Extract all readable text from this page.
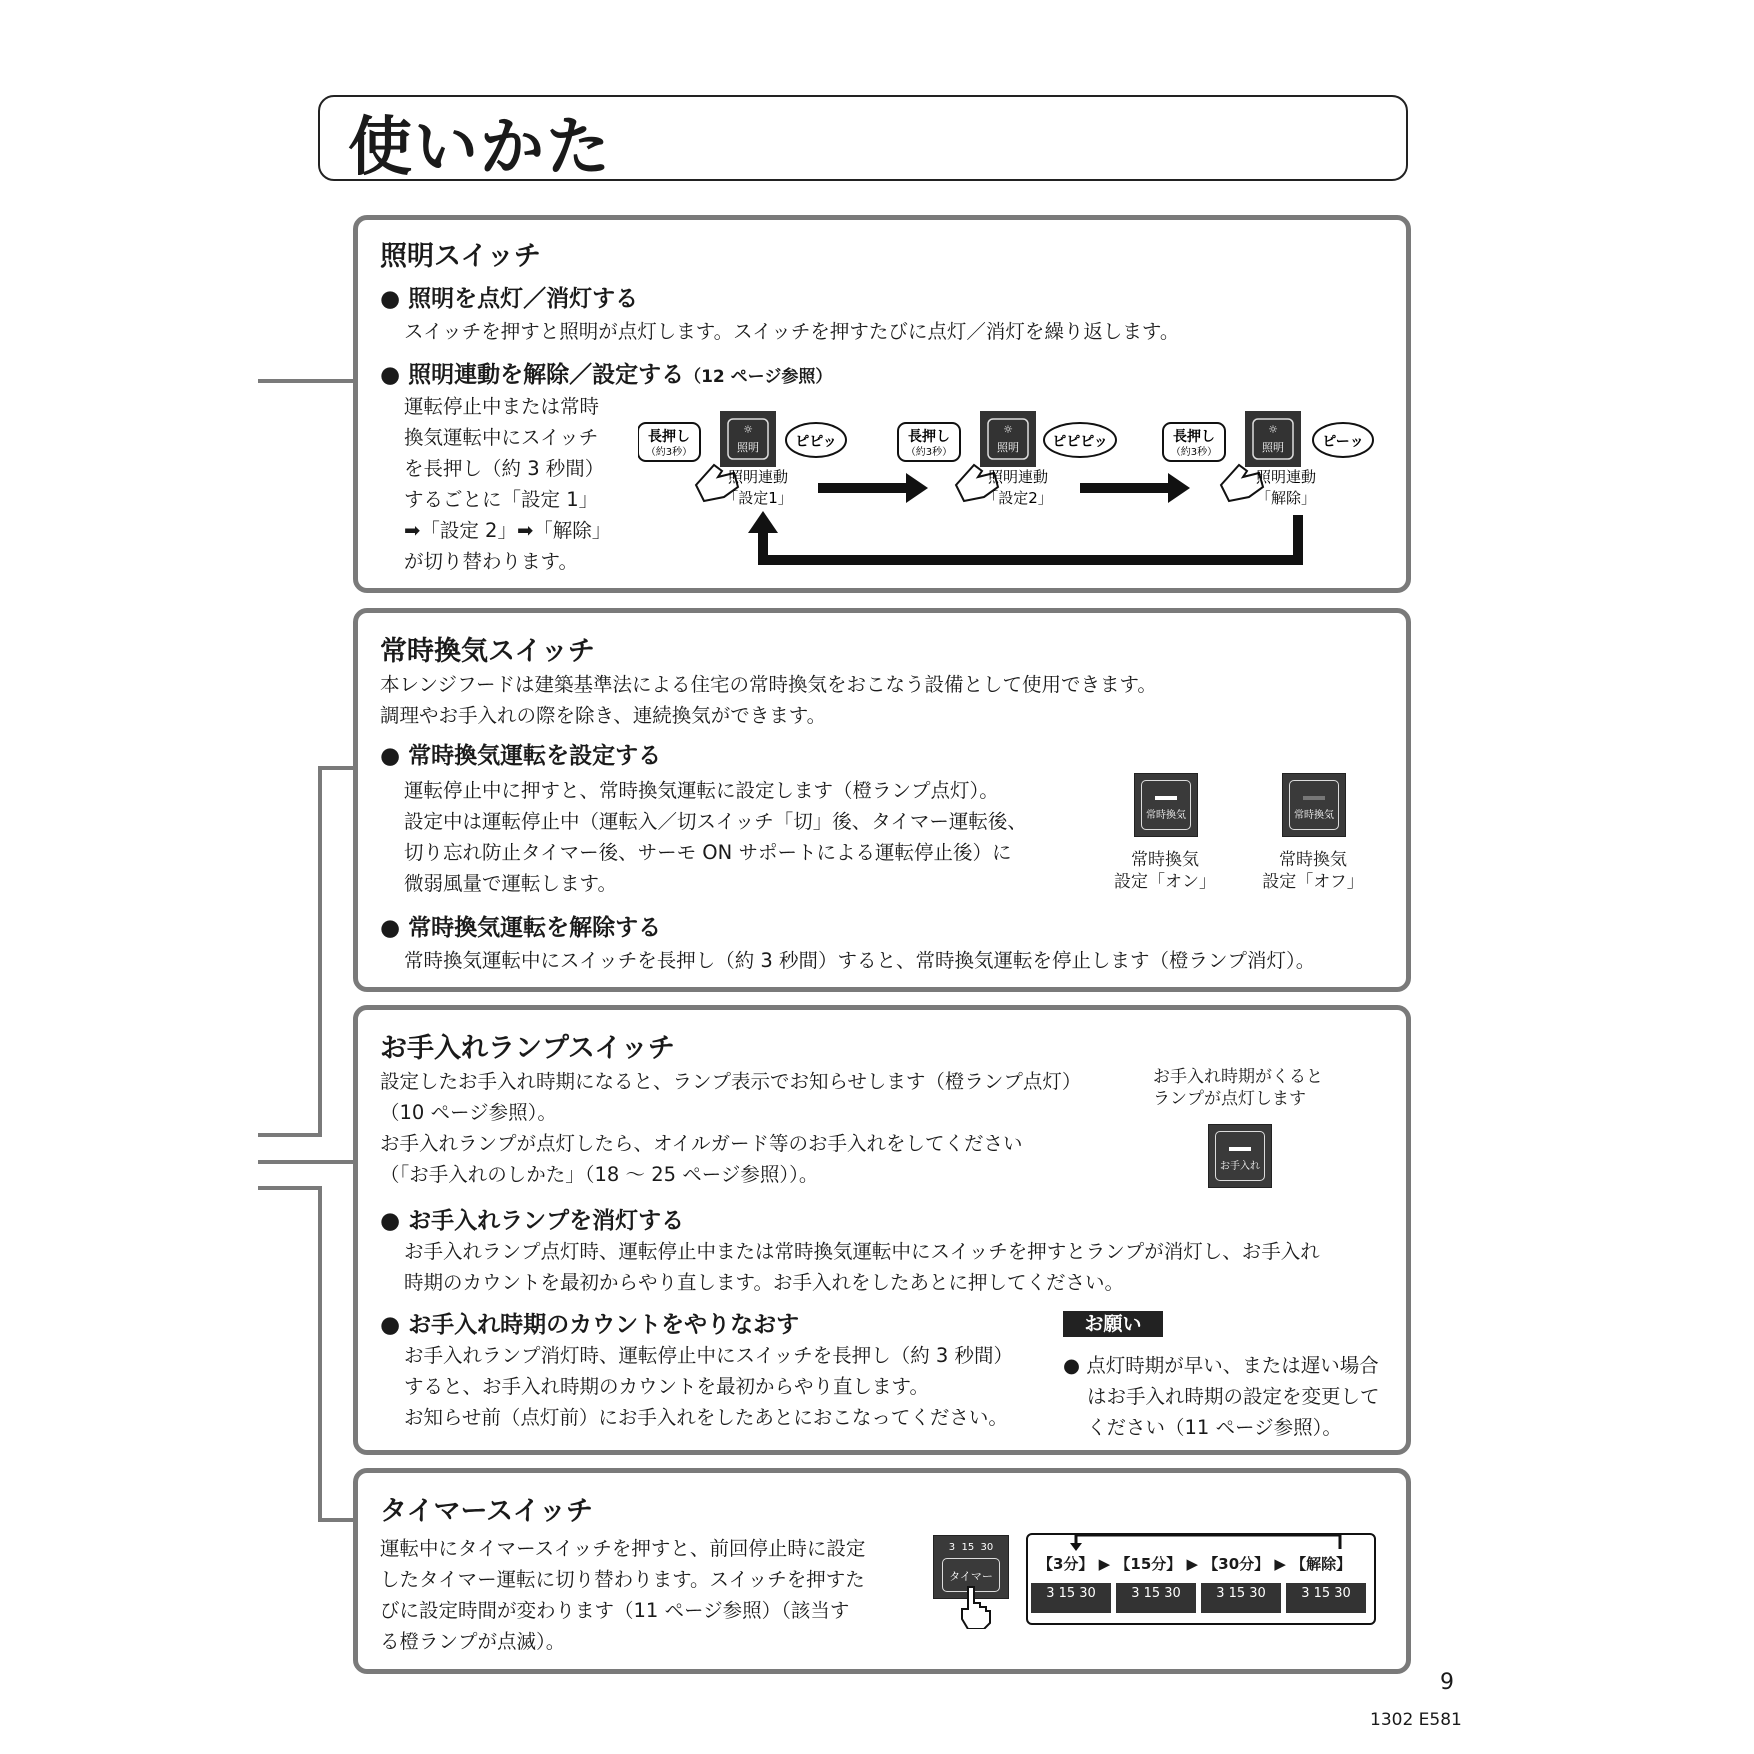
使いかた
照明スイッチ
● 照明を点灯／消灯する
スイッチを押すと照明が点灯します。スイッチを押すたびに点灯／消灯を繰り返します。
● 照明連動を解除／設定する（12 ページ参照）
運転停止中または常時
換気運転中にスイッチ
を長押し（約 3 秒間）
するごとに「設定 1」
➡「設定 2」➡「解除」
が切り替わります。
長押し
（約3秒）
☼
照明	ピピッ
照明連動
「設定1」
長押し
（約3秒）
☼
照明 ピピピッ
照明連動
「設定2」
長押し
（約3秒）
☼
照明	ピーッ
照明連動
「解除」
常時換気スイッチ
本レンジフードは建築基準法による住宅の常時換気をおこなう設備として使用できます。
調理やお手入れの際を除き、連続換気ができます。
● 常時換気運転を設定する
運転停止中に押すと、常時換気運転に設定します（橙ランプ点灯）。
設定中は運転停止中（運転入／切スイッチ「切」後、タイマー運転後、
切り忘れ防止タイマー後、サーモ ON サポートによる運転停止後）に
微弱風量で運転します。
常時換気
常時換気
設定「オン」
常時換気
常時換気
設定「オフ」
● 常時換気運転を解除する
常時換気運転中にスイッチを長押し（約 3 秒間）すると、常時換気運転を停止します（橙ランプ消灯）。
お手入れランプスイッチ
設定したお手入れ時期になると、ランプ表示でお知らせします（橙ランプ点灯）
（10 ページ参照）。
お手入れランプが点灯したら、オイルガード等のお手入れをしてください
（「お手入れのしかた」（18 ～ 25 ページ参照））。
お手入れ時期がくると
ランプが点灯します
お手入れ
● お手入れランプを消灯する
お手入れランプ点灯時、運転停止中または常時換気運転中にスイッチを押すとランプが消灯し、お手入れ
時期のカウントを最初からやり直します。お手入れをしたあとに押してください。
● お手入れ時期のカウントをやりなおす
お手入れランプ消灯時、運転停止中にスイッチを長押し（約 3 秒間）
すると、お手入れ時期のカウントを最初からやり直します。
お知らせ前（点灯前）にお手入れをしたあとにおこなってください。
お願い
● 点灯時期が早い、または遅い場合
はお手入れ時期の設定を変更して
ください（11 ページ参照）。
タイマースイッチ
運転中にタイマースイッチを押すと、前回停止時に設定
したタイマー運転に切り替わります。スイッチを押すた
びに設定時間が変わります（11 ページ参照）（該当す
る橙ランプが点滅）。
3  15  30
タイマー
【3分】 ▶ 【15分】 ▶ 【30分】 ▶ 【解除】
3 15 30	3 15 30	3 15 30	3 15 30
9
1302 E581
